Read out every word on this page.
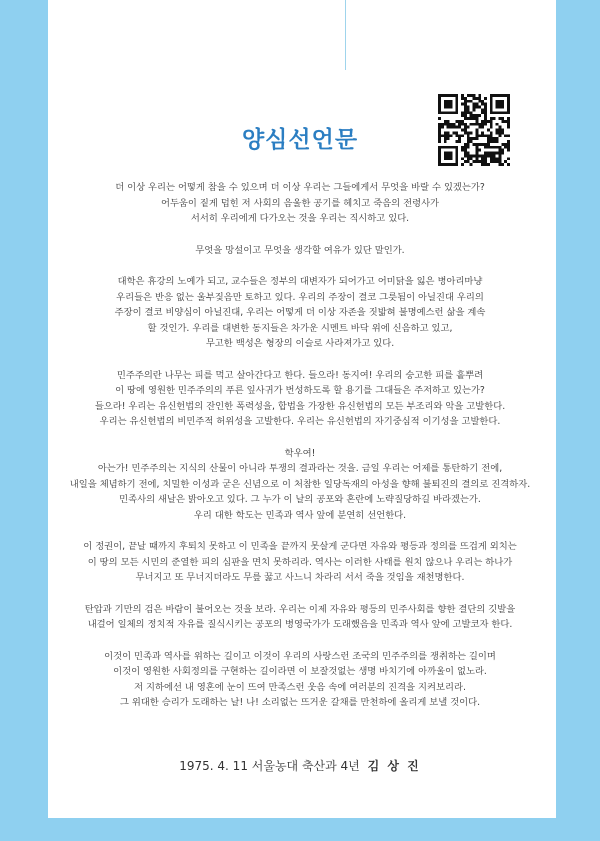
양심선언문

더 이상 우리는 어떻게 참을 수 있으며 더 이상 우리는 그들에게서 무엇을 바랄 수 있겠는가?
어두움이 짙게 덥힌 저 사회의 음울한 공기를 헤치고 죽음의 전령사가
서서히 우리에게 다가오는 것을 우리는 직시하고 있다.

무엇을 망설이고 무엇을 생각할 여유가 있단 말인가.

대학은 휴강의 노예가 되고, 교수들은 정부의 대변자가 되어가고 어미닭을 잃은 병아리마냥
우리들은 반응 없는 울부짖음만 토하고 있다. 우리의 주장이 결코 그릇됨이 아닐진대 우리의
주장이 결코 비양심이 아닐진대, 우리는 어떻게 더 이상 자존을 짓밟혀 불명예스런 삶을 계속
할 것인가. 우리를 대변한 동지들은 차가운 시멘트 바닥 위에 신음하고 있고,
무고한 백성은 형장의 이슬로 사라져가고 있다.

민주주의란 나무는 피를 먹고 살아간다고 한다. 들으라! 동지여! 우리의 숭고한 피를 흩뿌려
이 땅에 영원한 민주주의의 푸른 잎사귀가 번성하도록 할 용기를 그대들은 주저하고 있는가?
들으라! 우리는 유신헌법의 잔인한 폭력성을, 합법을 가장한 유신헌법의 모든 부조리와 악을 고발한다.
우리는 유신헌법의 비민주적 허위성을 고발한다. 우리는 유신헌법의 자기중심적 이기성을 고발한다.

학우여!
아는가! 민주주의는 지식의 산물이 아니라 투쟁의 결과라는 것을. 금일 우리는 어제를 통탄하기 전에,
내일을 체념하기 전에, 치밀한 이성과 굳은 신념으로 이 처참한 일당독재의 아성을 향해 불퇴진의 결의로 진격하자.
민족사의 새날은 밝아오고 있다. 그 누가 이 날의 공포와 혼란에 노략질당하길 바라겠는가.
우리 대한 학도는 민족과 역사 앞에 분연히 선언한다.

이 정권이, 끝날 때까지 후퇴치 못하고 이 민족을 끝까지 못살게 군다면 자유와 평등과 정의를 뜨겁게 외치는
이 땅의 모든 시민의 준열한 피의 심판을 면치 못하리라. 역사는 이러한 사태를 원치 않으나 우리는 하나가
무너지고 또 무너지더라도 무릎 꿇고 사느니 차라리 서서 죽을 것임을 재천명한다.

탄압과 기만의 검은 바람이 불어오는 것을 보라. 우리는 이제 자유와 평등의 민주사회를 향한 결단의 깃발을
내걸어 일체의 정치적 자유를 질식시키는 공포의 병영국가가 도래했음을 민족과 역사 앞에 고발코자 한다.

이것이 민족과 역사를 위하는 길이고 이것이 우리의 사랑스런 조국의 민주주의를 쟁취하는 길이며
이것이 영원한 사회정의를 구현하는 길이라면 이 보잘것없는 생명 바치기에 아까울이 없노라.
저 지하에선 내 영혼에 눈이 뜨여 만족스런 웃음 속에 여러분의 진격을 지켜보리라.
그 위대한 승리가 도래하는 날! 나! 소리없는 뜨거운 갈채를 만천하에 올리게 보낼 것이다.

1975. 4. 11 서울농대 축산과 4년 김 상 진
